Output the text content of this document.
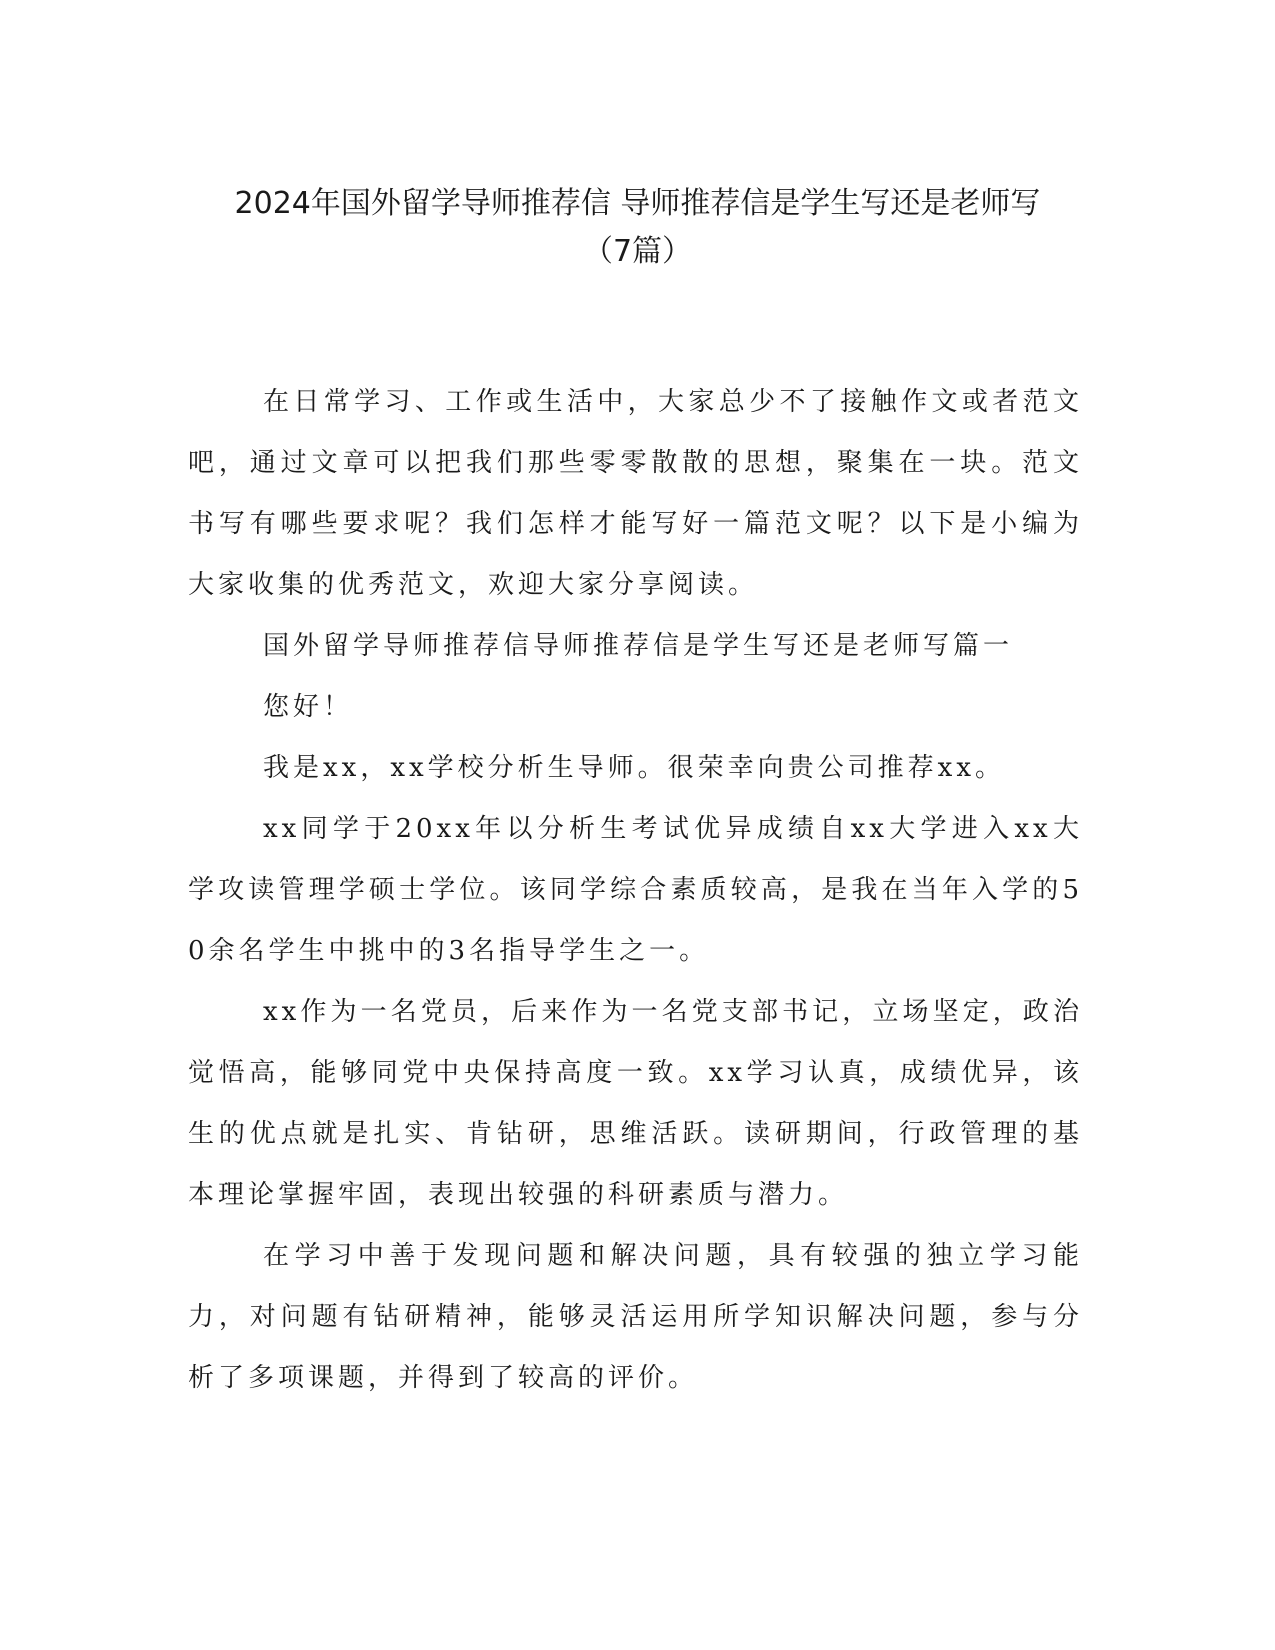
2024年国外留学导师推荐信 导师推荐信是学生写还是老师写
（7篇）

在日常学习、工作或生活中，大家总少不了接触作文或者范文吧，通过文章可以把我们那些零零散散的思想，聚集在一块。范文书写有哪些要求呢？我们怎样才能写好一篇范文呢？以下是小编为大家收集的优秀范文，欢迎大家分享阅读。

国外留学导师推荐信导师推荐信是学生写还是老师写篇一

您好！

我是xx，xx学校分析生导师。很荣幸向贵公司推荐xx。

xx同学于20xx年以分析生考试优异成绩自xx大学进入xx大学攻读管理学硕士学位。该同学综合素质较高，是我在当年入学的50余名学生中挑中的3名指导学生之一。

xx作为一名党员，后来作为一名党支部书记，立场坚定，政治觉悟高，能够同党中央保持高度一致。xx学习认真，成绩优异，该生的优点就是扎实、肯钻研，思维活跃。读研期间，行政管理的基本理论掌握牢固，表现出较强的科研素质与潜力。

在学习中善于发现问题和解决问题，具有较强的独立学习能力，对问题有钻研精神，能够灵活运用所学知识解决问题，参与分析了多项课题，并得到了较高的评价。
